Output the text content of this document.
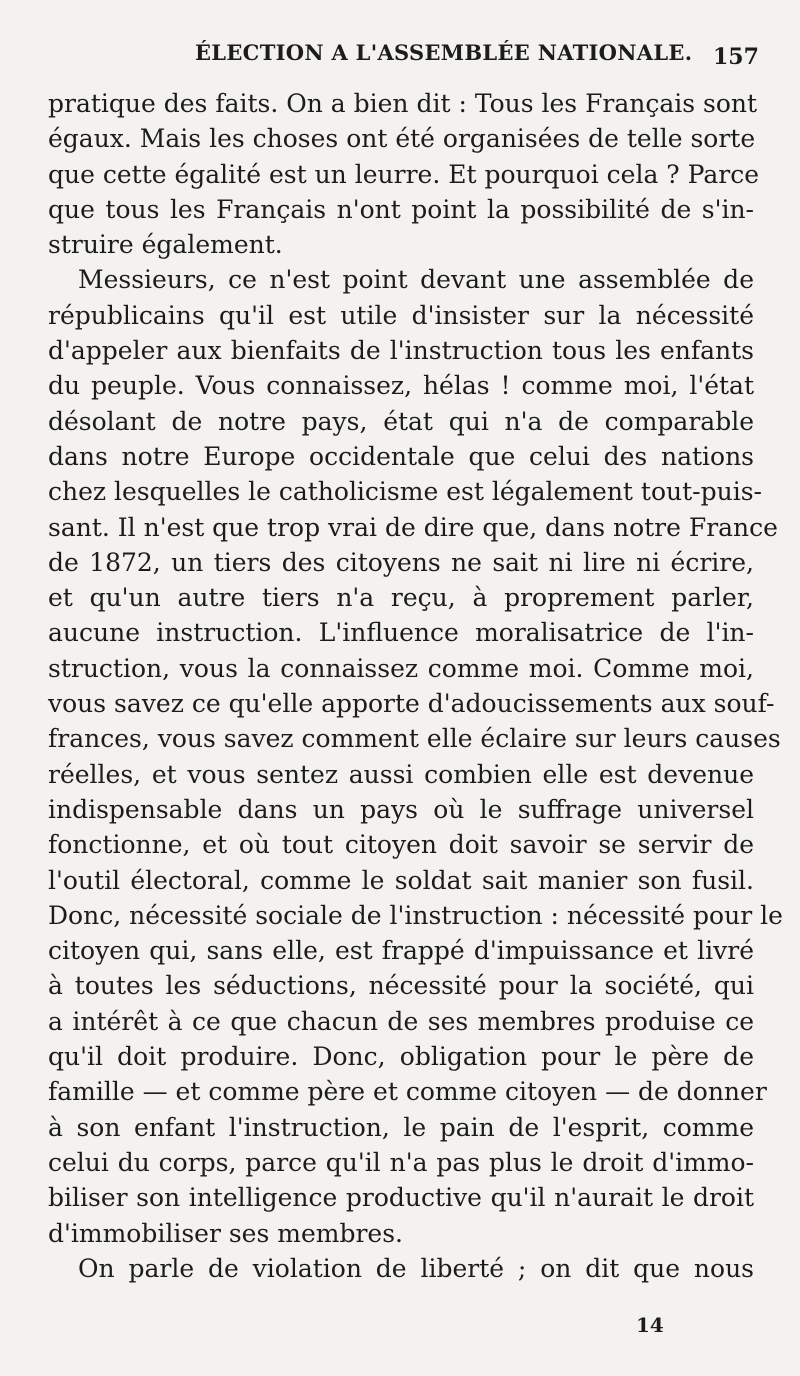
ÉLECTION A L'ASSEMBLÉE NATIONALE. 157
pratique des faits. On a bien dit : Tous les Français sont
égaux. Mais les choses ont été organisées de telle sorte
que cette égalité est un leurre. Et pourquoi cela ? Parce
que tous les Français n'ont point la possibilité de s'in-
struire également.
Messieurs, ce n'est point devant une assemblée de
républicains qu'il est utile d'insister sur la nécessité
d'appeler aux bienfaits de l'instruction tous les enfants
du peuple. Vous connaissez, hélas ! comme moi, l'état
désolant de notre pays, état qui n'a de comparable
dans notre Europe occidentale que celui des nations
chez lesquelles le catholicisme est légalement tout-puis-
sant. Il n'est que trop vrai de dire que, dans notre France
de 1872, un tiers des citoyens ne sait ni lire ni écrire,
et qu'un autre tiers n'a reçu, à proprement parler,
aucune instruction. L'influence moralisatrice de l'in-
struction, vous la connaissez comme moi. Comme moi,
vous savez ce qu'elle apporte d'adoucissements aux souf-
frances, vous savez comment elle éclaire sur leurs causes
réelles, et vous sentez aussi combien elle est devenue
indispensable dans un pays où le suffrage universel
fonctionne, et où tout citoyen doit savoir se servir de
l'outil électoral, comme le soldat sait manier son fusil.
Donc, nécessité sociale de l'instruction : nécessité pour le
citoyen qui, sans elle, est frappé d'impuissance et livré
à toutes les séductions, nécessité pour la société, qui
a intérêt à ce que chacun de ses membres produise ce
qu'il doit produire. Donc, obligation pour le père de
famille — et comme père et comme citoyen — de donner
à son enfant l'instruction, le pain de l'esprit, comme
celui du corps, parce qu'il n'a pas plus le droit d'immo-
biliser son intelligence productive qu'il n'aurait le droit
d'immobiliser ses membres.
On parle de violation de liberté ; on dit que nous
14
